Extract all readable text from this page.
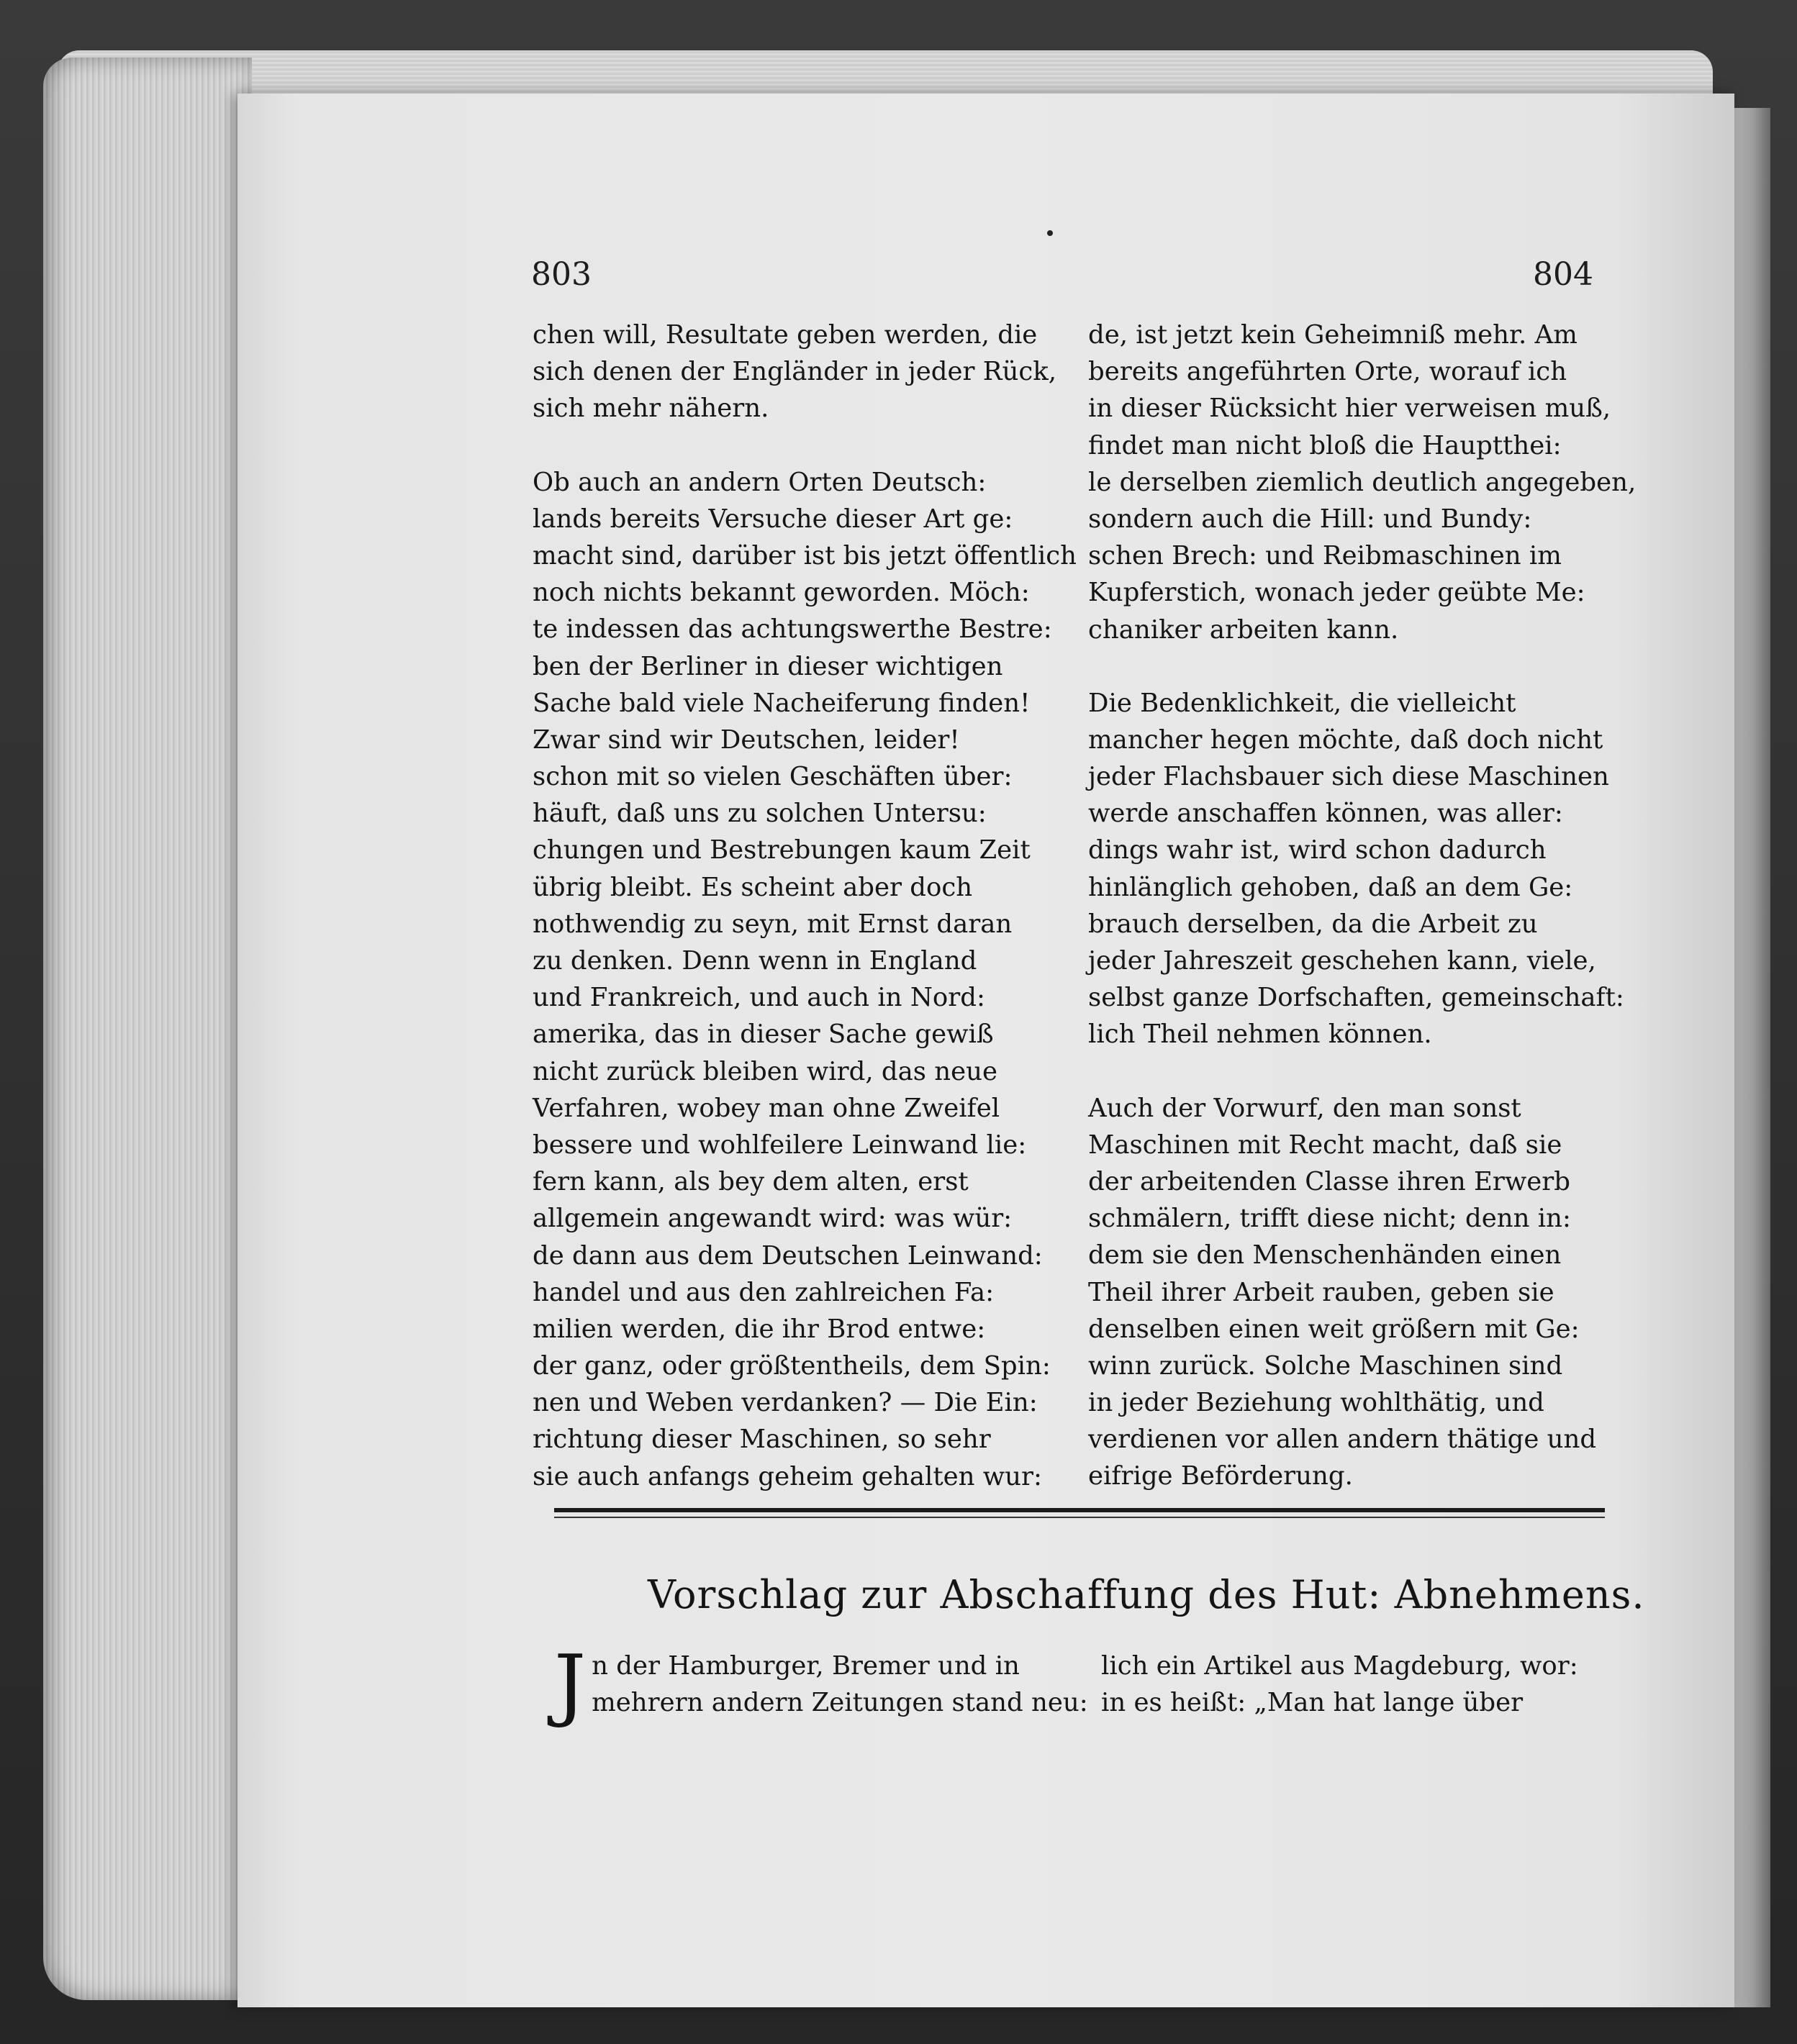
803	804
chen will, Resultate geben werden, die
sich denen der Engländer in jeder Rück,
sich mehr nähern.
Ob auch an andern Orten Deutsch:
lands bereits Versuche dieser Art ge:
macht sind, darüber ist bis jetzt öffentlich
noch nichts bekannt geworden. Möch:
te indessen das achtungswerthe Bestre:
ben der Berliner in dieser wichtigen
Sache bald viele Nacheiferung finden!
Zwar sind wir Deutschen, leider!
schon mit so vielen Geschäften über:
häuft, daß uns zu solchen Untersu:
chungen und Bestrebungen kaum Zeit
übrig bleibt. Es scheint aber doch
nothwendig zu seyn, mit Ernst daran
zu denken. Denn wenn in England
und Frankreich, und auch in Nord:
amerika, das in dieser Sache gewiß
nicht zurück bleiben wird, das neue
Verfahren, wobey man ohne Zweifel
bessere und wohlfeilere Leinwand lie:
fern kann, als bey dem alten, erst
allgemein angewandt wird: was wür:
de dann aus dem Deutschen Leinwand:
handel und aus den zahlreichen Fa:
milien werden, die ihr Brod entwe:
der ganz, oder größtentheils, dem Spin:
nen und Weben verdanken? — Die Ein:
richtung dieser Maschinen, so sehr
sie auch anfangs geheim gehalten wur:
de, ist jetzt kein Geheimniß mehr. Am
bereits angeführten Orte, worauf ich
in dieser Rücksicht hier verweisen muß,
findet man nicht bloß die Hauptthei:
le derselben ziemlich deutlich angegeben,
sondern auch die Hill: und Bundy:
schen Brech: und Reibmaschinen im
Kupferstich, wonach jeder geübte Me:
chaniker arbeiten kann.
Die Bedenklichkeit, die vielleicht
mancher hegen möchte, daß doch nicht
jeder Flachsbauer sich diese Maschinen
werde anschaffen können, was aller:
dings wahr ist, wird schon dadurch
hinlänglich gehoben, daß an dem Ge:
brauch derselben, da die Arbeit zu
jeder Jahreszeit geschehen kann, viele,
selbst ganze Dorfschaften, gemeinschaft:
lich Theil nehmen können.
Auch der Vorwurf, den man sonst
Maschinen mit Recht macht, daß sie
der arbeitenden Classe ihren Erwerb
schmälern, trifft diese nicht; denn in:
dem sie den Menschenhänden einen
Theil ihrer Arbeit rauben, geben sie
denselben einen weit größern mit Ge:
winn zurück. Solche Maschinen sind
in jeder Beziehung wohlthätig, und
verdienen vor allen andern thätige und
eifrige Beförderung.
Vorschlag zur Abschaffung des Hut: Abnehmens.
J n der Hamburger, Bremer und in
mehrern andern Zeitungen stand neu:
lich ein Artikel aus Magdeburg, wor:
in es heißt: „Man hat lange über
